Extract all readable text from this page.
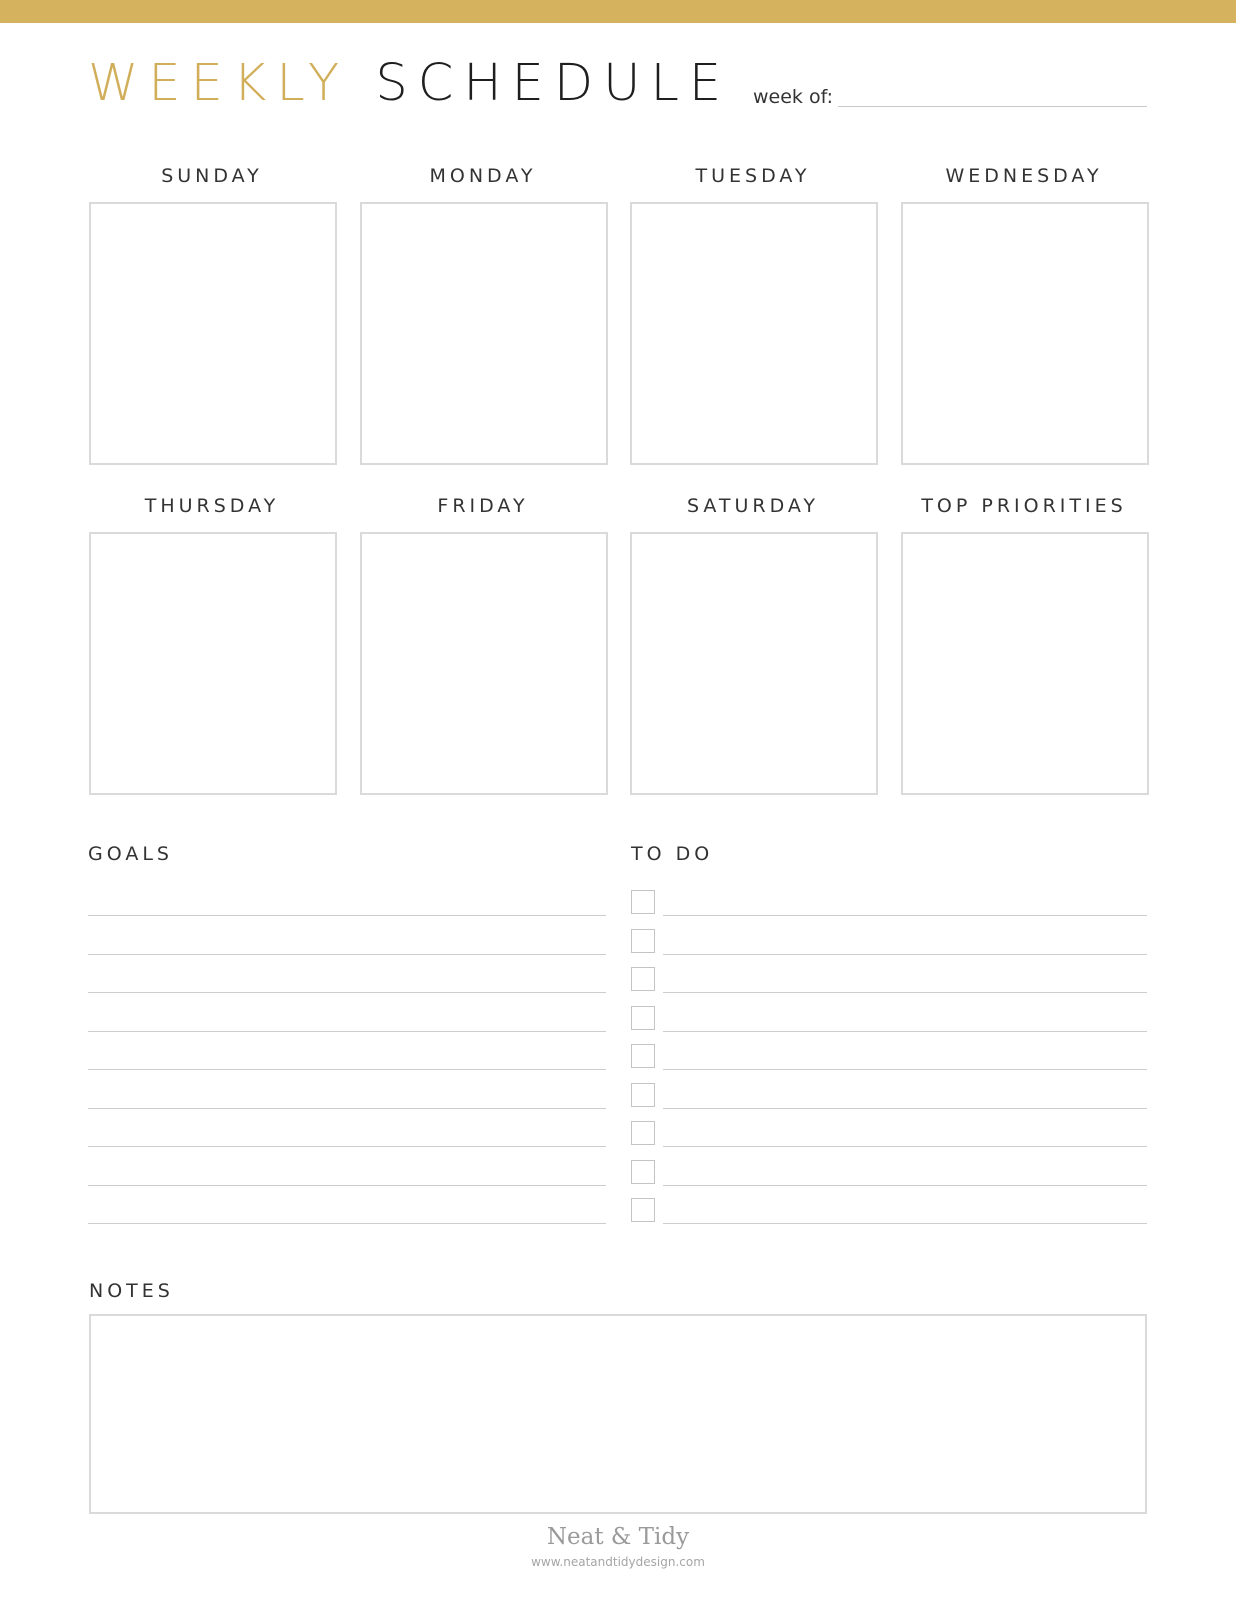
WEEKLY SCHEDULE week of:
SUNDAY	MONDAY	TUESDAY	WEDNESDAY
THURSDAY	FRIDAY	SATURDAY	TOP PRIORITIES
GOALS	TO DO
NOTES
Neat & Tidy
www.neatandtidydesign.com
